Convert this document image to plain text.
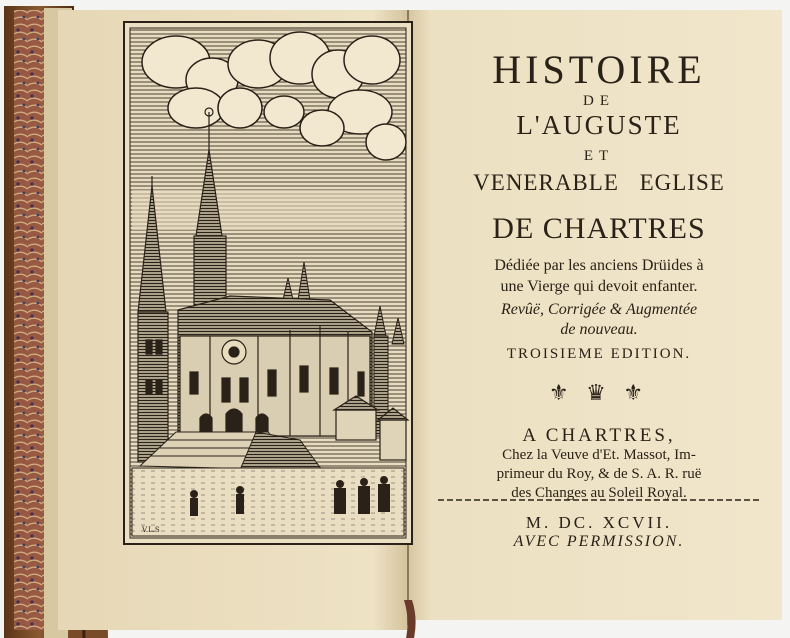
V.L.S
HISTOIRE
DE
L'AUGUSTE
ET
VENERABLE EGLISE
DE CHARTRES
Dédiée par les anciens Drüides à
une Vierge qui devoit enfanter.
Revûë, Corrigée & Augmentée
de nouveau.
TROISIEME EDITION.
⚜ ♛ ⚜
A CHARTRES,
Chez la Veuve d'Et. Massot, Im-
primeur du Roy, & de S. A. R. ruë
des Changes au Soleil Royal.
M. DC. XCVII.
AVEC PERMISSION.
